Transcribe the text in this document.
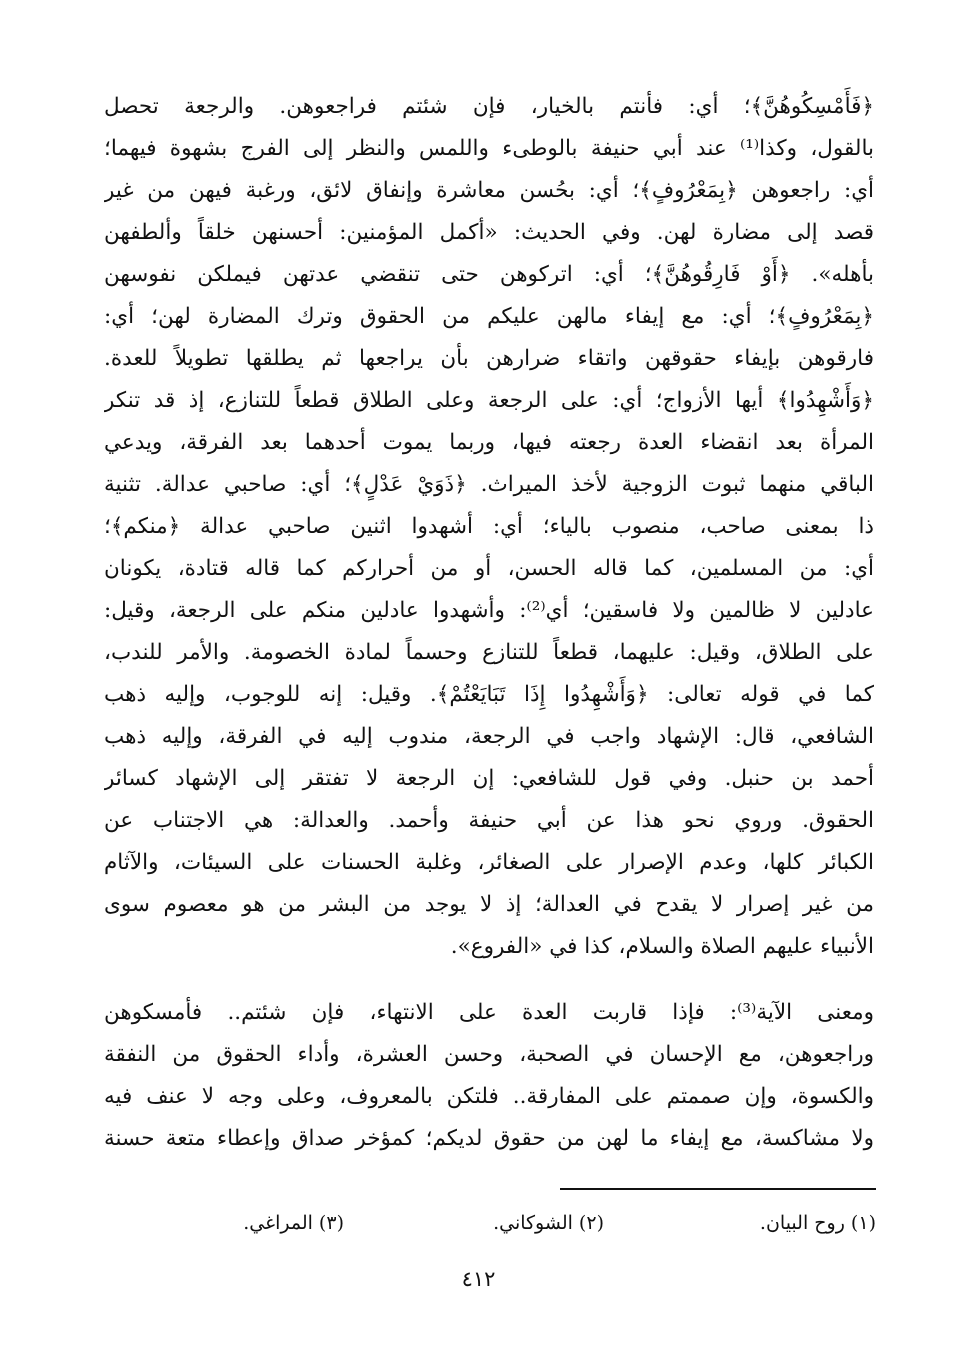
﴿فَأَمْسِكُوهُنَّ﴾؛ أي: فأنتم بالخيار، فإن شئتم فراجعوهن. والرجعة تحصل
بالقول، وكذا⁽¹⁾ عند أبي حنيفة بالوطىء واللمس والنظر إلى الفرج بشهوة فيهما؛
أي: راجعوهن ﴿بِمَعْرُوفٍ﴾؛ أي: بحُسن معاشرة وإنفاق لائق، ورغبة فيهن من غير
قصد إلى مضارة لهن. وفي الحديث: «أكمل المؤمنين: أحسنهن خلقاً وألطفهن
بأهله». ﴿أَوْ فَارِقُوهُنَّ﴾؛ أي: اتركوهن حتى تنقضي عدتهن فيملكن نفوسهن
﴿بِمَعْرُوفٍ﴾؛ أي: مع إيفاء مالهن عليكم من الحقوق وترك المضارة لهن؛ أي:
فارقوهن بإيفاء حقوقهن واتقاء ضرارهن بأن يراجعها ثم يطلقها تطويلاً للعدة.
﴿وَأَشْهِدُوا﴾ أيها الأزواج؛ أي: على الرجعة وعلى الطلاق قطعاً للتنازع، إذ قد تنكر
المرأة بعد انقضاء العدة رجعته فيها، وربما يموت أحدهما بعد الفرقة، ويدعي
الباقي منهما ثبوت الزوجية لأخذ الميراث. ﴿ذَوَيْ عَدْلٍ﴾؛ أي: صاحبي عدالة. تثنية
ذا بمعنى صاحب، منصوب بالياء؛ أي: أشهدوا اثنين صاحبي عدالة ﴿منكم﴾؛
أي: من المسلمين، كما قاله الحسن، أو من أحراركم كما قاله قتادة، يكونان
عادلين لا ظالمين ولا فاسقين؛ أي⁽²⁾: وأشهدوا عادلين منكم على الرجعة، وقيل:
على الطلاق، وقيل: عليهما، قطعاً للتنازع وحسماً لمادة الخصومة. والأمر للندب،
كما في قوله تعالى: ﴿وَأَشْهِدُوا إِذَا تَبَايَعْتُمْ﴾. وقيل: إنه للوجوب، وإليه ذهب
الشافعي، قال: الإشهاد واجب في الرجعة، مندوب إليه في الفرقة، وإليه ذهب
أحمد بن حنبل. وفي قول للشافعي: إن الرجعة لا تفتقر إلى الإشهاد كسائر
الحقوق. وروي نحو هذا عن أبي حنيفة وأحمد. والعدالة: هي الاجتناب عن
الكبائر كلها، وعدم الإصرار على الصغائر، وغلبة الحسنات على السيئات، والآثام
من غير إصرار لا يقدح في العدالة؛ إذ لا يوجد من البشر من هو معصوم سوى
الأنبياء عليهم الصلاة والسلام، كذا في «الفروع».
ومعنى الآية⁽³⁾: فإذا قاربت العدة على الانتهاء، فإن شئتم.. فأمسكوهن
وراجعوهن، مع الإحسان في الصحبة، وحسن العشرة، وأداء الحقوق من النفقة
والكسوة، وإن صممتم على المفارقة.. فلتكن بالمعروف، وعلى وجه لا عنف فيه
ولا مشاكسة، مع إيفاء ما لهن من حقوق لديكم؛ كمؤخر صداق وإعطاء متعة حسنة
(١) روح البيان.
(٢) الشوكاني.
(٣) المراغي.
٤١٢
